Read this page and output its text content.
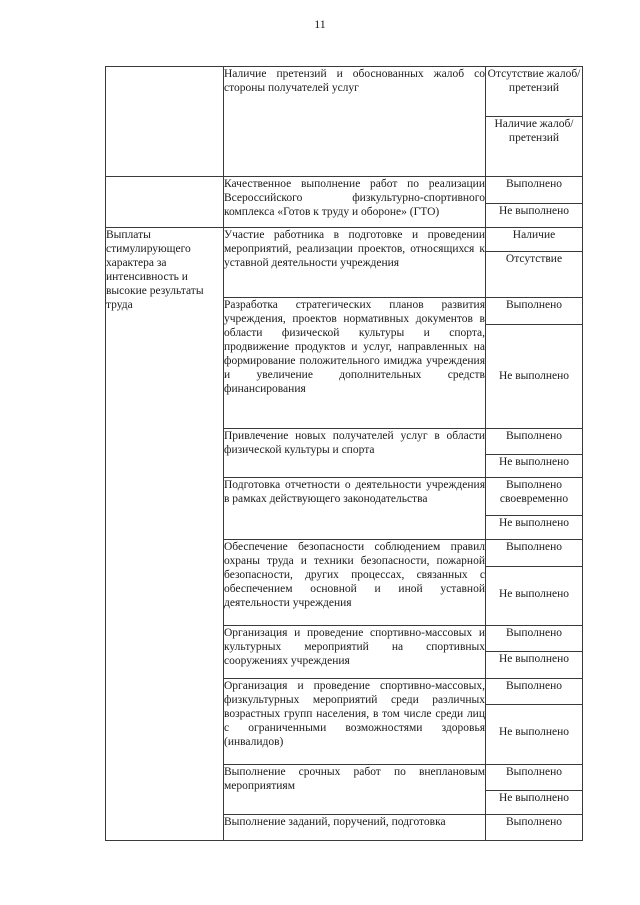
11
	Наличие претензий и обоснованных жалоб со стороны получателей услуг	Отсутствие жалоб/претензий
		Наличие жалоб/претензий
	Качественное выполнение работ по реализации Всероссийского физкультурно-спортивного комплекса «Готов к труду и обороне» (ГТО)	Выполнено
		Не выполнено
Выплаты стимулирующего характера за интенсивность и высокие результаты труда	Участие работника в подготовке и проведении мероприятий, реализации проектов, относящихся к уставной деятельности учреждения	Наличие
		Отсутствие
	Разработка стратегических планов развития учреждения, проектов нормативных документов в области физической культуры и спорта, продвижение продуктов и услуг, направленных на формирование положительного имиджа учреждения и увеличение дополнительных средств финансирования	Выполнено
		Не выполнено
	Привлечение новых получателей услуг в области физической культуры и спорта	Выполнено
		Не выполнено
	Подготовка отчетности о деятельности учреждения в рамках действующего законодательства	Выполнено своевременно
		Не выполнено
	Обеспечение безопасности соблюдением правил охраны труда и техники безопасности, пожарной безопасности, других процессах, связанных с обеспечением основной и иной уставной деятельности учреждения	Выполнено
		Не выполнено
	Организация и проведение спортивно-массовых и культурных мероприятий на спортивных сооружениях учреждения	Выполнено
		Не выполнено
	Организация и проведение спортивно-массовых, физкультурных мероприятий среди различных возрастных групп населения, в том числе среди лиц с ограниченными возможностями здоровья (инвалидов)	Выполнено
		Не выполнено
	Выполнение срочных работ по внеплановым мероприятиям	Выполнено
		Не выполнено
	Выполнение заданий, поручений, подготовка	Выполнено
